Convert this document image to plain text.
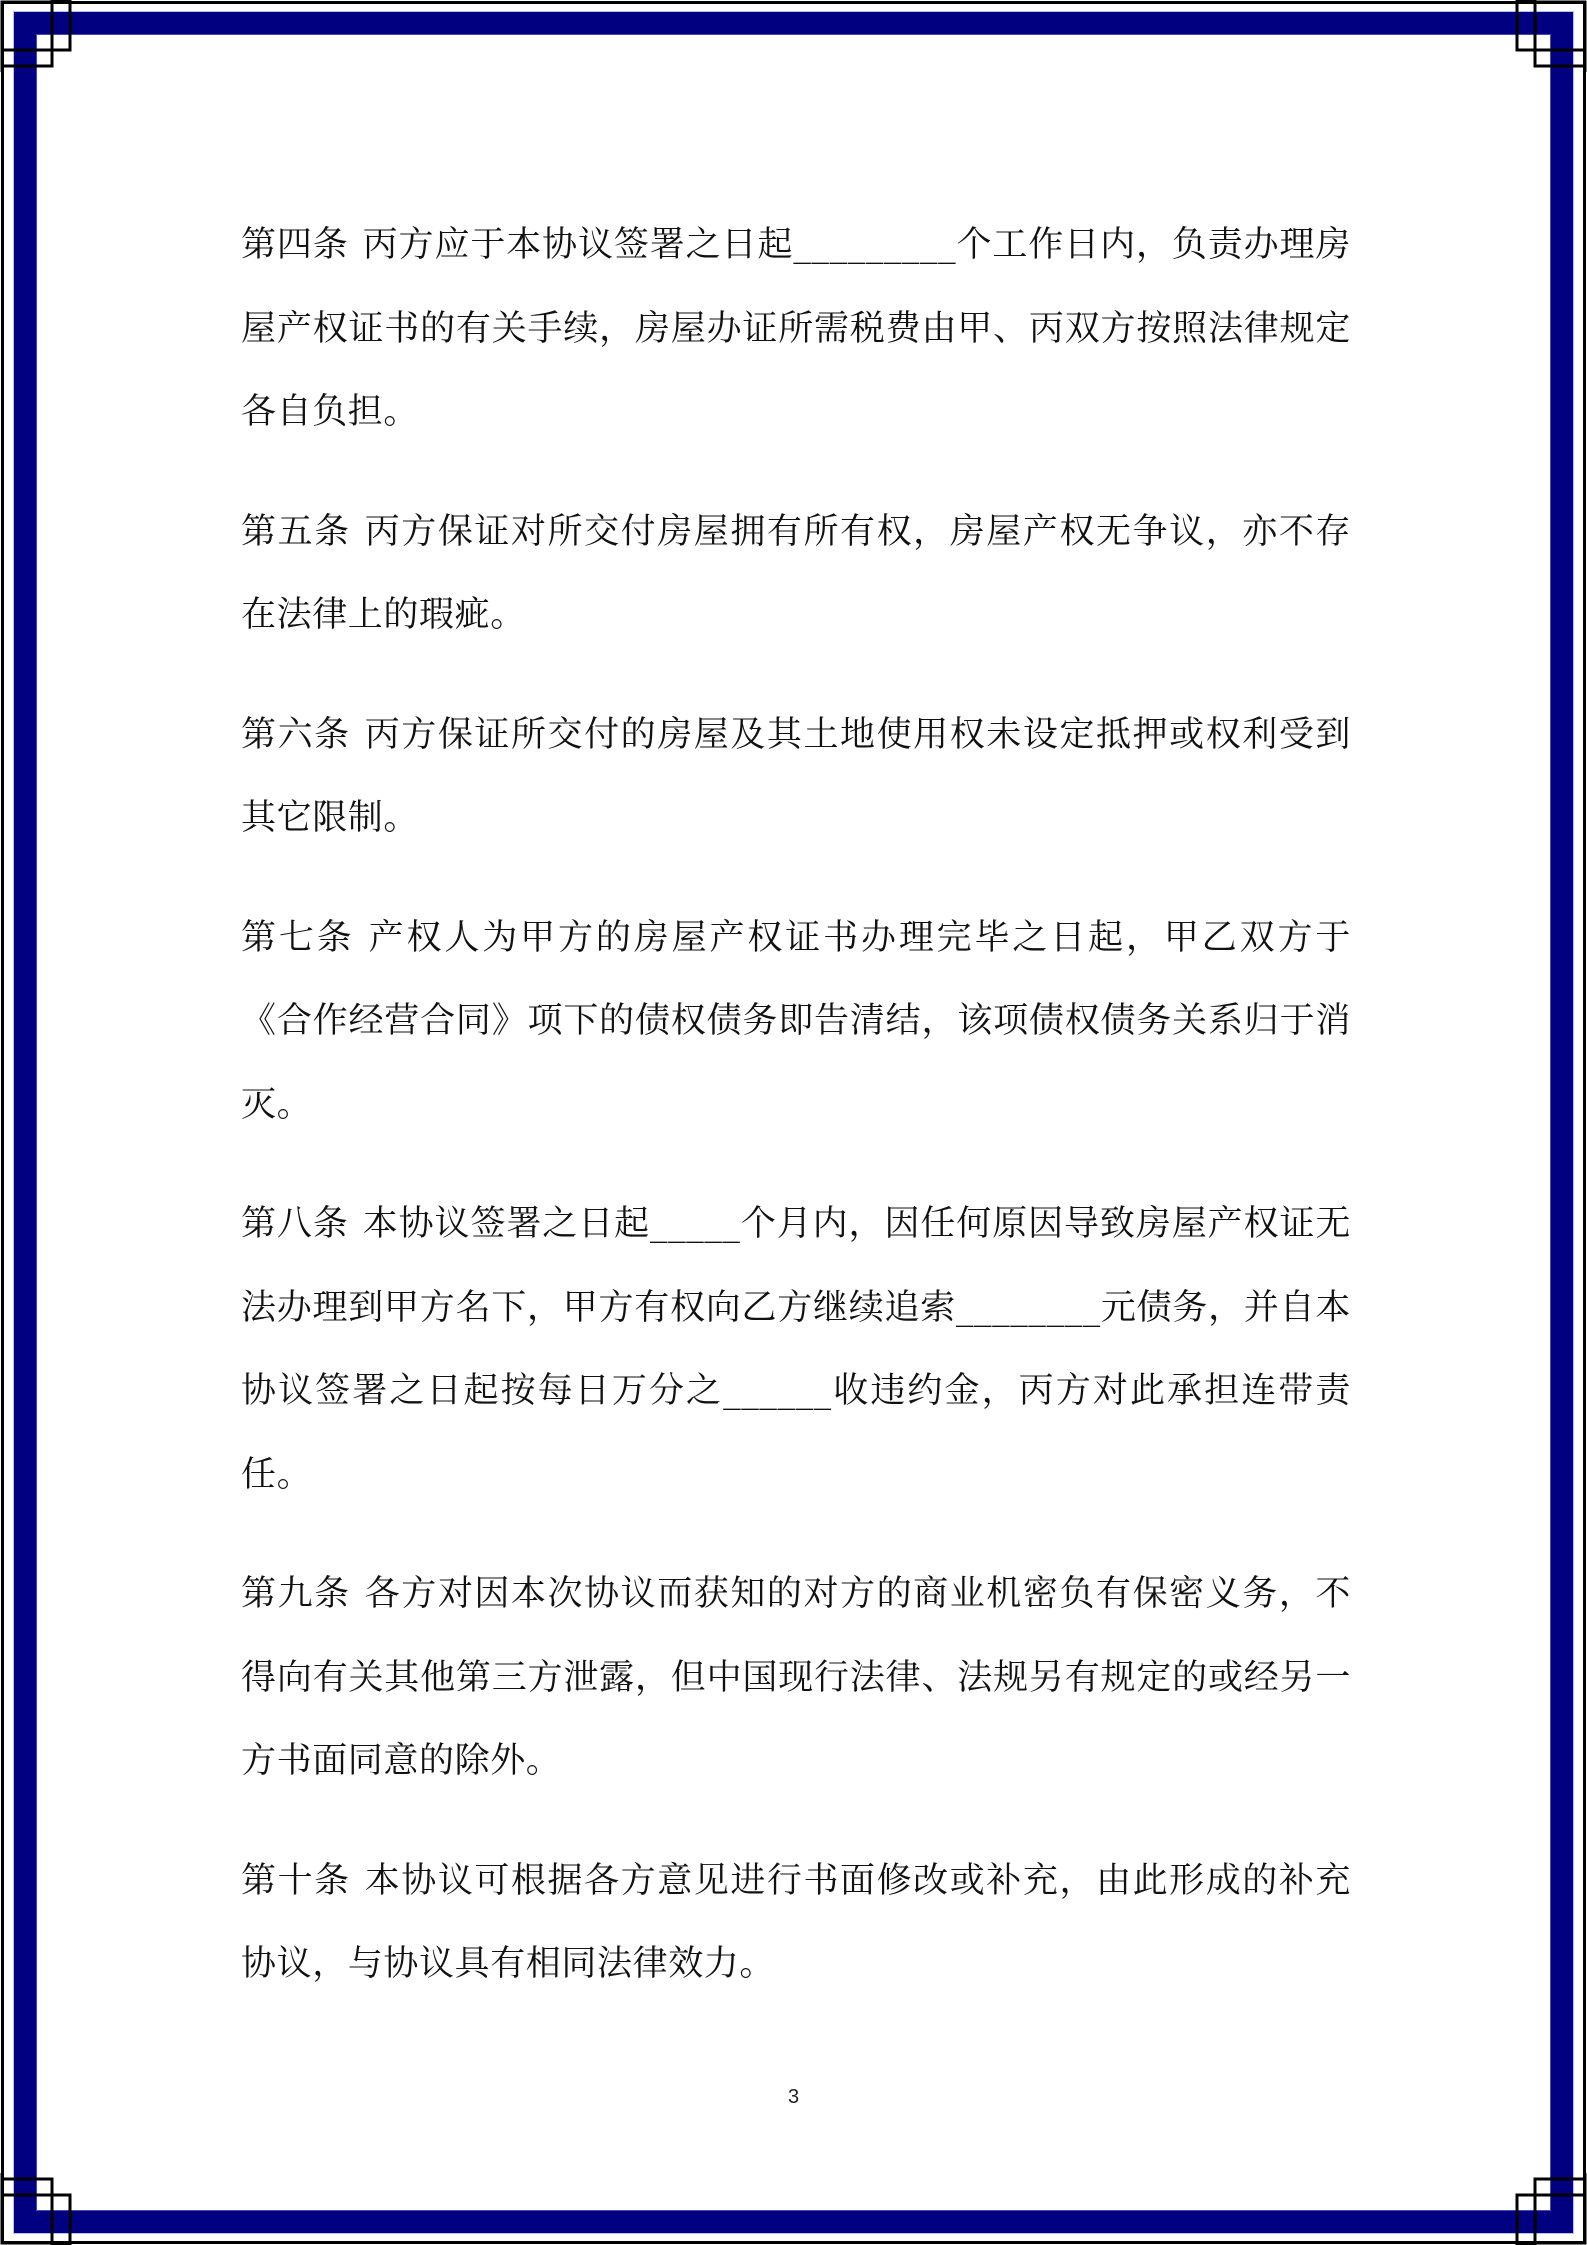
第四条 丙方应于本协议签署之日起_________个工作日内，负责办理房屋产权证书的有关手续，房屋办证所需税费由甲、丙双方按照法律规定各自负担。

第五条 丙方保证对所交付房屋拥有所有权，房屋产权无争议，亦不存在法律上的瑕疵。

第六条 丙方保证所交付的房屋及其土地使用权未设定抵押或权利受到其它限制。

第七条 产权人为甲方的房屋产权证书办理完毕之日起，甲乙双方于《合作经营合同》项下的债权债务即告清结，该项债权债务关系归于消灭。

第八条 本协议签署之日起_____个月内，因任何原因导致房屋产权证无法办理到甲方名下，甲方有权向乙方继续追索________元债务，并自本协议签署之日起按每日万分之______收违约金，丙方对此承担连带责任。

第九条 各方对因本次协议而获知的对方的商业机密负有保密义务，不得向有关其他第三方泄露，但中国现行法律、法规另有规定的或经另一方书面同意的除外。

第十条 本协议可根据各方意见进行书面修改或补充，由此形成的补充协议，与协议具有相同法律效力。

3
